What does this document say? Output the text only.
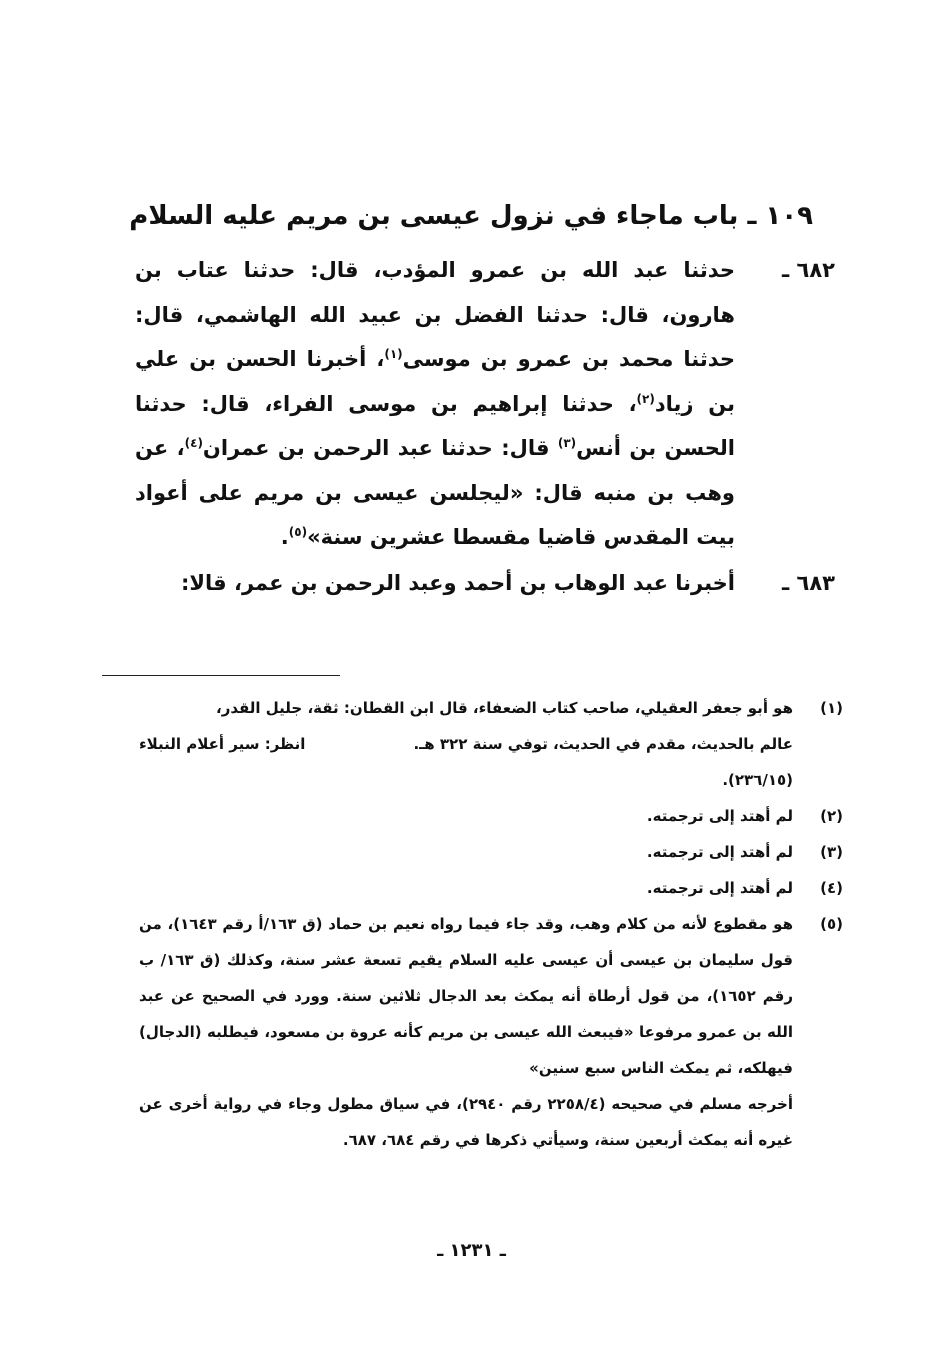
١٠٩ ـ باب ماجاء في نزول عيسى بن مريم عليه السلام
٦٨٢ ـ
حدثنا عبد الله بن عمرو المؤدب، قال: حدثنا عتاب بن هارون، قال: حدثنا الفضل بن عبيد الله الهاشمي، قال: حدثنا محمد بن عمرو بن موسى$^{(١)}$، أخبرنا الحسن بن علي بن زياد$^{(٢)}$، حدثنا إبراهيم بن موسى الفراء، قال: حدثنا الحسن بن أنس$^{(٣)}$ قال: حدثنا عبد الرحمن بن عمران$^{(٤)}$، عن وهب بن منبه قال: «ليجلسن عيسى بن مريم على أعواد بيت المقدس قاضيا مقسطا عشرين سنة»$^{(٥)}$.
٦٨٣ ـ
أخبرنا عبد الوهاب بن أحمد وعبد الرحمن بن عمر، قالا:
(١)
هو أبو جعفر العقيلي، صاحب كتاب الضعفاء، قال ابن القطان: ثقة، جليل القدر،
عالم بالحديث، مقدم في الحديث، توفي سنة ٣٢٢ هـ.
انظر: سير أعلام النبلاء
(٢٣٦/١٥).
(٢)
لم أهتد إلى ترجمته.
(٣)
لم أهتد إلى ترجمته.
(٤)
لم أهتد إلى ترجمته.
(٥)
هو مقطوع لأنه من كلام وهب، وقد جاء فيما رواه نعيم بن حماد (ق ١٦٣/أ رقم ١٦٤٣)، من قول سليمان بن عيسى أن عيسى عليه السلام يقيم تسعة عشر سنة، وكذلك (ق ١٦٣/ ب رقم ١٦٥٢)، من قول أرطاة أنه يمكث بعد الدجال ثلاثين سنة. وورد في الصحيح عن عبد الله بن عمرو مرفوعا «فيبعث الله عيسى بن مريم كأنه عروة بن مسعود، فيطلبه (الدجال) فيهلكه، ثم يمكث الناس سبع سنين»
أخرجه مسلم في صحيحه (٢٢٥٨/٤ رقم ٢٩٤٠)، في سياق مطول وجاء في رواية أخرى عن غيره أنه يمكث أربعين سنة، وسيأتي ذكرها في رقم ٦٨٤، ٦٨٧.
ـ ١٢٣١ ـ
